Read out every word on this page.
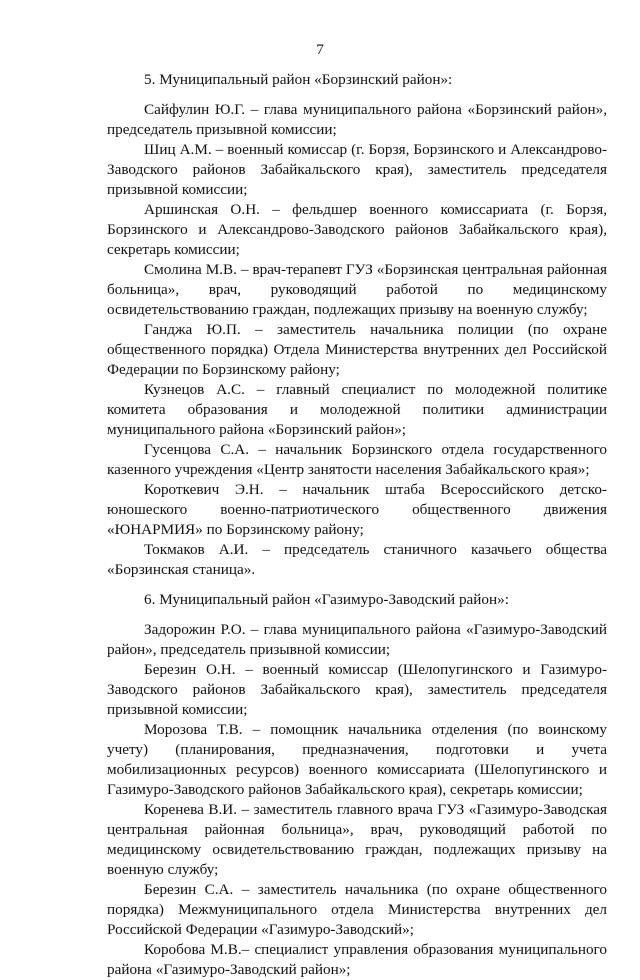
7

5. Муниципальный район «Борзинский район»:

Сайфулин Ю.Г. – глава муниципального района «Борзинский район», председатель призывной комиссии;

Шиц А.М. – военный комиссар (г. Борзя, Борзинского и Александрово-Заводского районов Забайкальского края), заместитель председателя призывной комиссии;

Аршинская О.Н. – фельдшер военного комиссариата (г. Борзя, Борзинского и Александрово-Заводского районов Забайкальского края), секретарь комиссии;

Смолина М.В. – врач-терапевт ГУЗ «Борзинская центральная районная больница», врач, руководящий работой по медицинскому освидетельствованию граждан, подлежащих призыву на военную службу;

Ганджа Ю.П. – заместитель начальника полиции (по охране общественного порядка) Отдела Министерства внутренних дел Российской Федерации по Борзинскому району;

Кузнецов А.С. – главный специалист по молодежной политике комитета образования и молодежной политики администрации муниципального района «Борзинский район»;

Гусенцова С.А. – начальник Борзинского отдела государственного казенного учреждения «Центр занятости населения Забайкальского края»;

Короткевич Э.Н. – начальник штаба Всероссийского детско-юношеского военно-патриотического общественного движения «ЮНАРМИЯ» по Борзинскому району;

Токмаков А.И. – председатель станичного казачьего общества «Борзинская станица».

6. Муниципальный район «Газимуро-Заводский район»:

Задорожин Р.О. – глава муниципального района «Газимуро-Заводский район», председатель призывной комиссии;

Березин О.Н. – военный комиссар (Шелопугинского и Газимуро-Заводского районов Забайкальского края), заместитель председателя призывной комиссии;

Морозова Т.В. – помощник начальника отделения (по воинскому учету) (планирования, предназначения, подготовки и учета мобилизационных ресурсов) военного комиссариата (Шелопугинского и Газимуро-Заводского районов Забайкальского края), секретарь комиссии;

Коренева В.И. – заместитель главного врача ГУЗ «Газимуро-Заводская центральная районная больница», врач, руководящий работой по медицинскому освидетельствованию граждан, подлежащих призыву на военную службу;

Березин С.А. – заместитель начальника (по охране общественного порядка) Межмуниципального отдела Министерства внутренних дел Российской Федерации «Газимуро-Заводский»;

Коробова М.В.– специалист управления образования муниципального района «Газимуро-Заводский район»;
